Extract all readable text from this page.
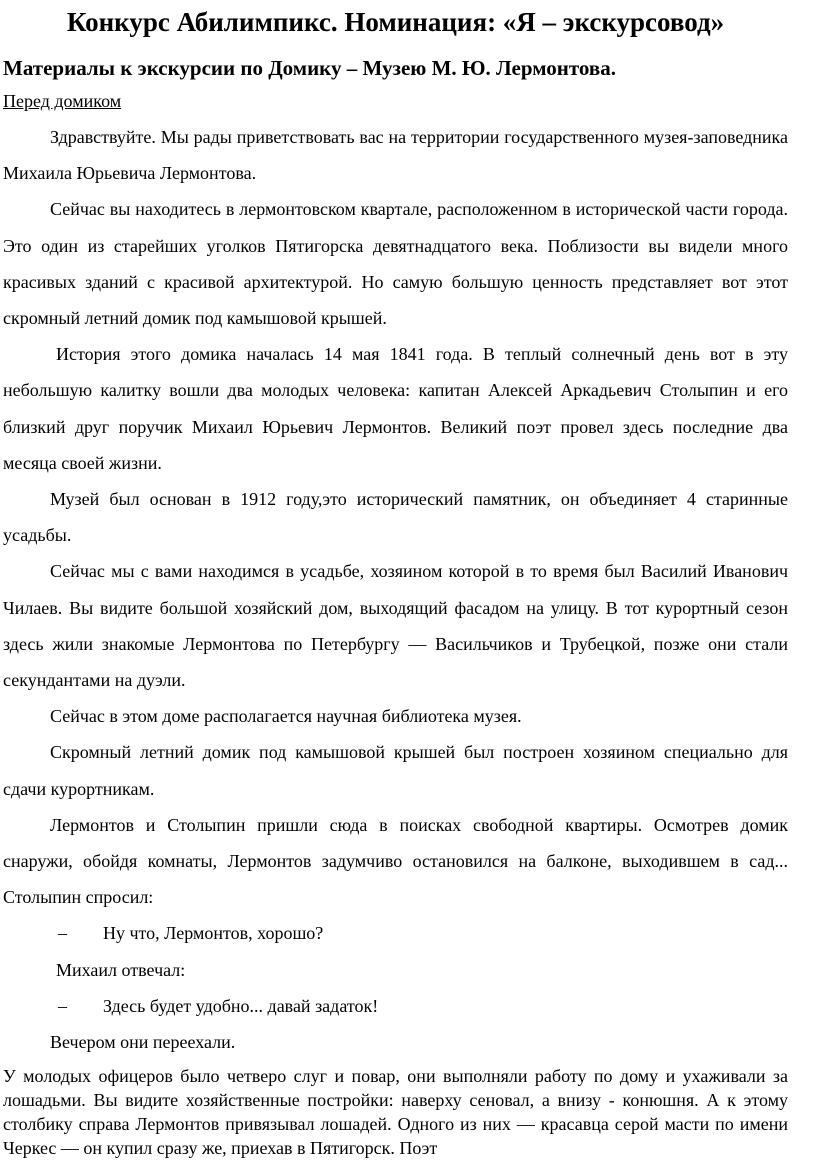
Конкурс Абилимпикс. Номинация: «Я – экскурсовод»
Материалы к экскурсии по Домику – Музею М. Ю. Лермонтова.
Перед домиком

Здравствуйте. Мы рады приветствовать вас на территории государственного музея-заповедника Михаила Юрьевича Лермонтова.

Сейчас вы находитесь в лермонтовском квартале, расположенном в исторической части города. Это один из старейших уголков Пятигорска девятнадцатого века. Поблизости вы видели много красивых зданий с красивой архитектурой. Но самую большую ценность представляет вот этот скромный летний домик под камышовой крышей.

История этого домика началась 14 мая 1841 года. В теплый солнечный день вот в эту небольшую калитку вошли два молодых человека: капитан Алексей Аркадьевич Столыпин и его близкий друг поручик Михаил Юрьевич Лермонтов. Великий поэт провел здесь последние два месяца своей жизни.

Музей был основан в 1912 году,это исторический памятник, он объединяет 4 старинные усадьбы.

Сейчас мы с вами находимся в усадьбе, хозяином которой в то время был Василий Иванович Чилаев. Вы видите большой хозяйский дом, выходящий фасадом на улицу. В тот курортный сезон здесь жили знакомые Лермонтова по Петербургу — Васильчиков и Трубецкой, позже они стали секундантами на дуэли.

Сейчас в этом доме располагается научная библиотека музея.

Скромный летний домик под камышовой крышей был построен хозяином специально для сдачи курортникам.

Лермонтов и Столыпин пришли сюда в поисках свободной квартиры. Осмотрев домик снаружи, обойдя комнаты, Лермонтов задумчиво остановился на балконе, выходившем в сад... Столыпин спросил:

– Ну что, Лермонтов, хорошо?

Михаил отвечал:

– Здесь будет удобно... давай задаток!

Вечером они переехали.

У молодых офицеров было четверо слуг и повар, они выполняли работу по дому и ухаживали за лошадьми. Вы видите хозяйственные постройки: наверху сеновал, а внизу - конюшня. А к этому столбику справа Лермонтов привязывал лошадей. Одного из них — красавца серой масти по имени Черкес — он купил сразу же, приехав в Пятигорск. Поэт
